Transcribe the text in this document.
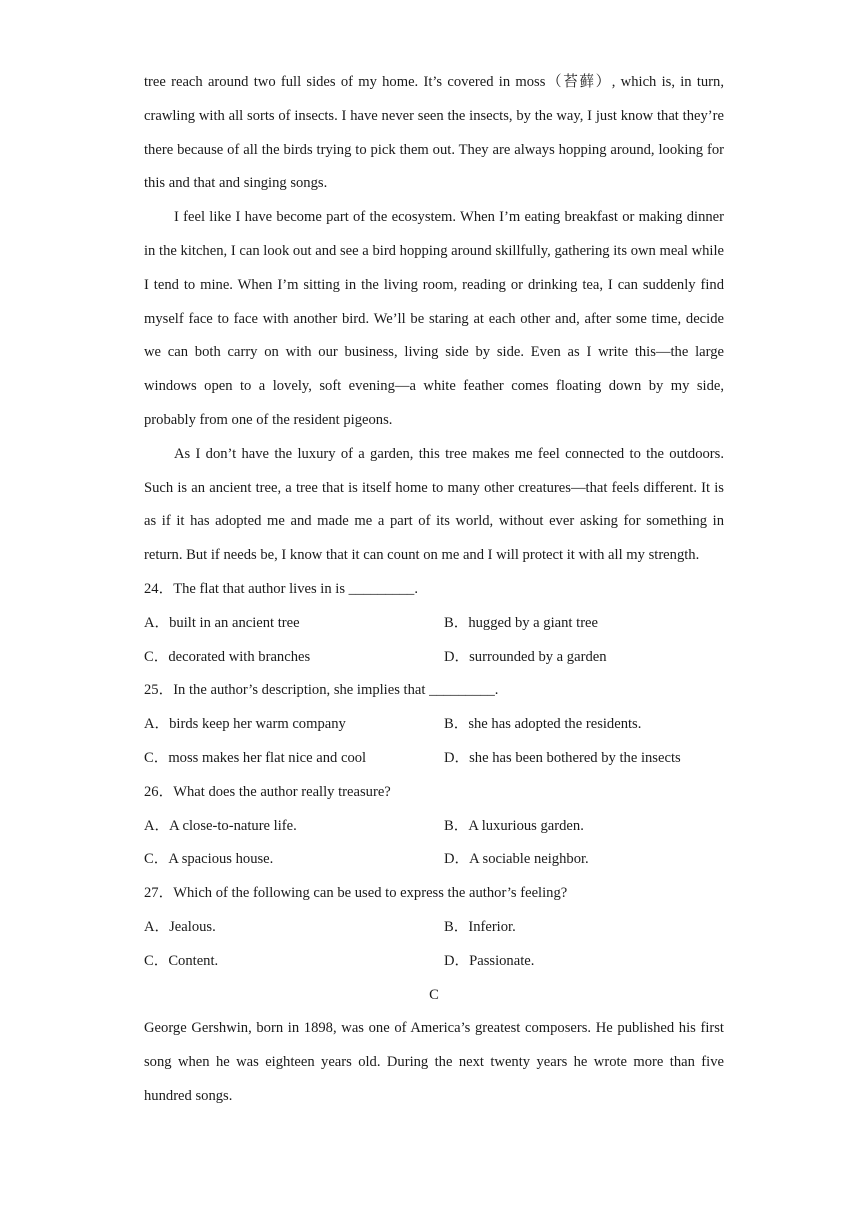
tree reach around two full sides of my home. It’s covered in moss（苔藓）, which is, in turn, crawling with all sorts of insects. I have never seen the insects, by the way, I just know that they’re there because of all the birds trying to pick them out. They are always hopping around, looking for this and that and singing songs.

I feel like I have become part of the ecosystem. When I’m eating breakfast or making dinner in the kitchen, I can look out and see a bird hopping around skillfully, gathering its own meal while I tend to mine. When I’m sitting in the living room, reading or drinking tea, I can suddenly find myself face to face with another bird. We’ll be staring at each other and, after some time, decide we can both carry on with our business, living side by side. Even as I write this—the large windows open to a lovely, soft evening—a white feather comes floating down by my side, probably from one of the resident pigeons.

As I don’t have the luxury of a garden, this tree makes me feel connected to the outdoors. Such is an ancient tree, a tree that is itself home to many other creatures—that feels different. It is as if it has adopted me and made me a part of its world, without ever asking for something in return. But if needs be, I know that it can count on me and I will protect it with all my strength.

24．The flat that author lives in is _________.

A．built in an ancient tree	B．hugged by a giant tree
C．decorated with branches	D．surrounded by a garden

25．In the author’s description, she implies that _________.

A．birds keep her warm company	B．she has adopted the residents.
C．moss makes her flat nice and cool	D．she has been bothered by the insects

26．What does the author really treasure?

A．A close-to-nature life.	B．A luxurious garden.
C．A spacious house.	D．A sociable neighbor.

27．Which of the following can be used to express the author’s feeling?

A．Jealous.	B．Inferior.
C．Content.	D．Passionate.

C

George Gershwin, born in 1898, was one of America’s greatest composers. He published his first song when he was eighteen years old. During the next twenty years he wrote more than five hundred songs.
